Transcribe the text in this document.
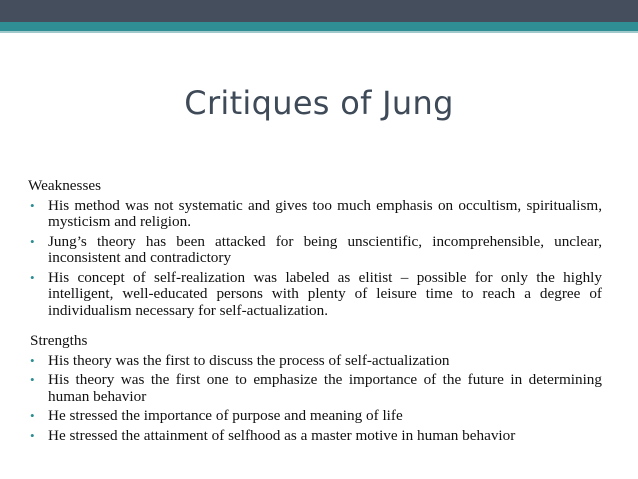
Critiques of Jung

Weaknesses

• His method was not systematic and gives too much emphasis on occultism, spiritualism, mysticism and religion.
• Jung’s theory has been attacked for being unscientific, incomprehensible, unclear, inconsistent and contradictory
• His concept of self-realization was labeled as elitist – possible for only the highly intelligent, well-educated persons with plenty of leisure time to reach a degree of individualism necessary for self-actualization.

Strengths

• His theory was the first to discuss the process of self-actualization
• His theory was the first one to emphasize the importance of the future in determining human behavior
• He stressed the importance of purpose and meaning of life
• He stressed the attainment of selfhood as a master motive in human behavior
